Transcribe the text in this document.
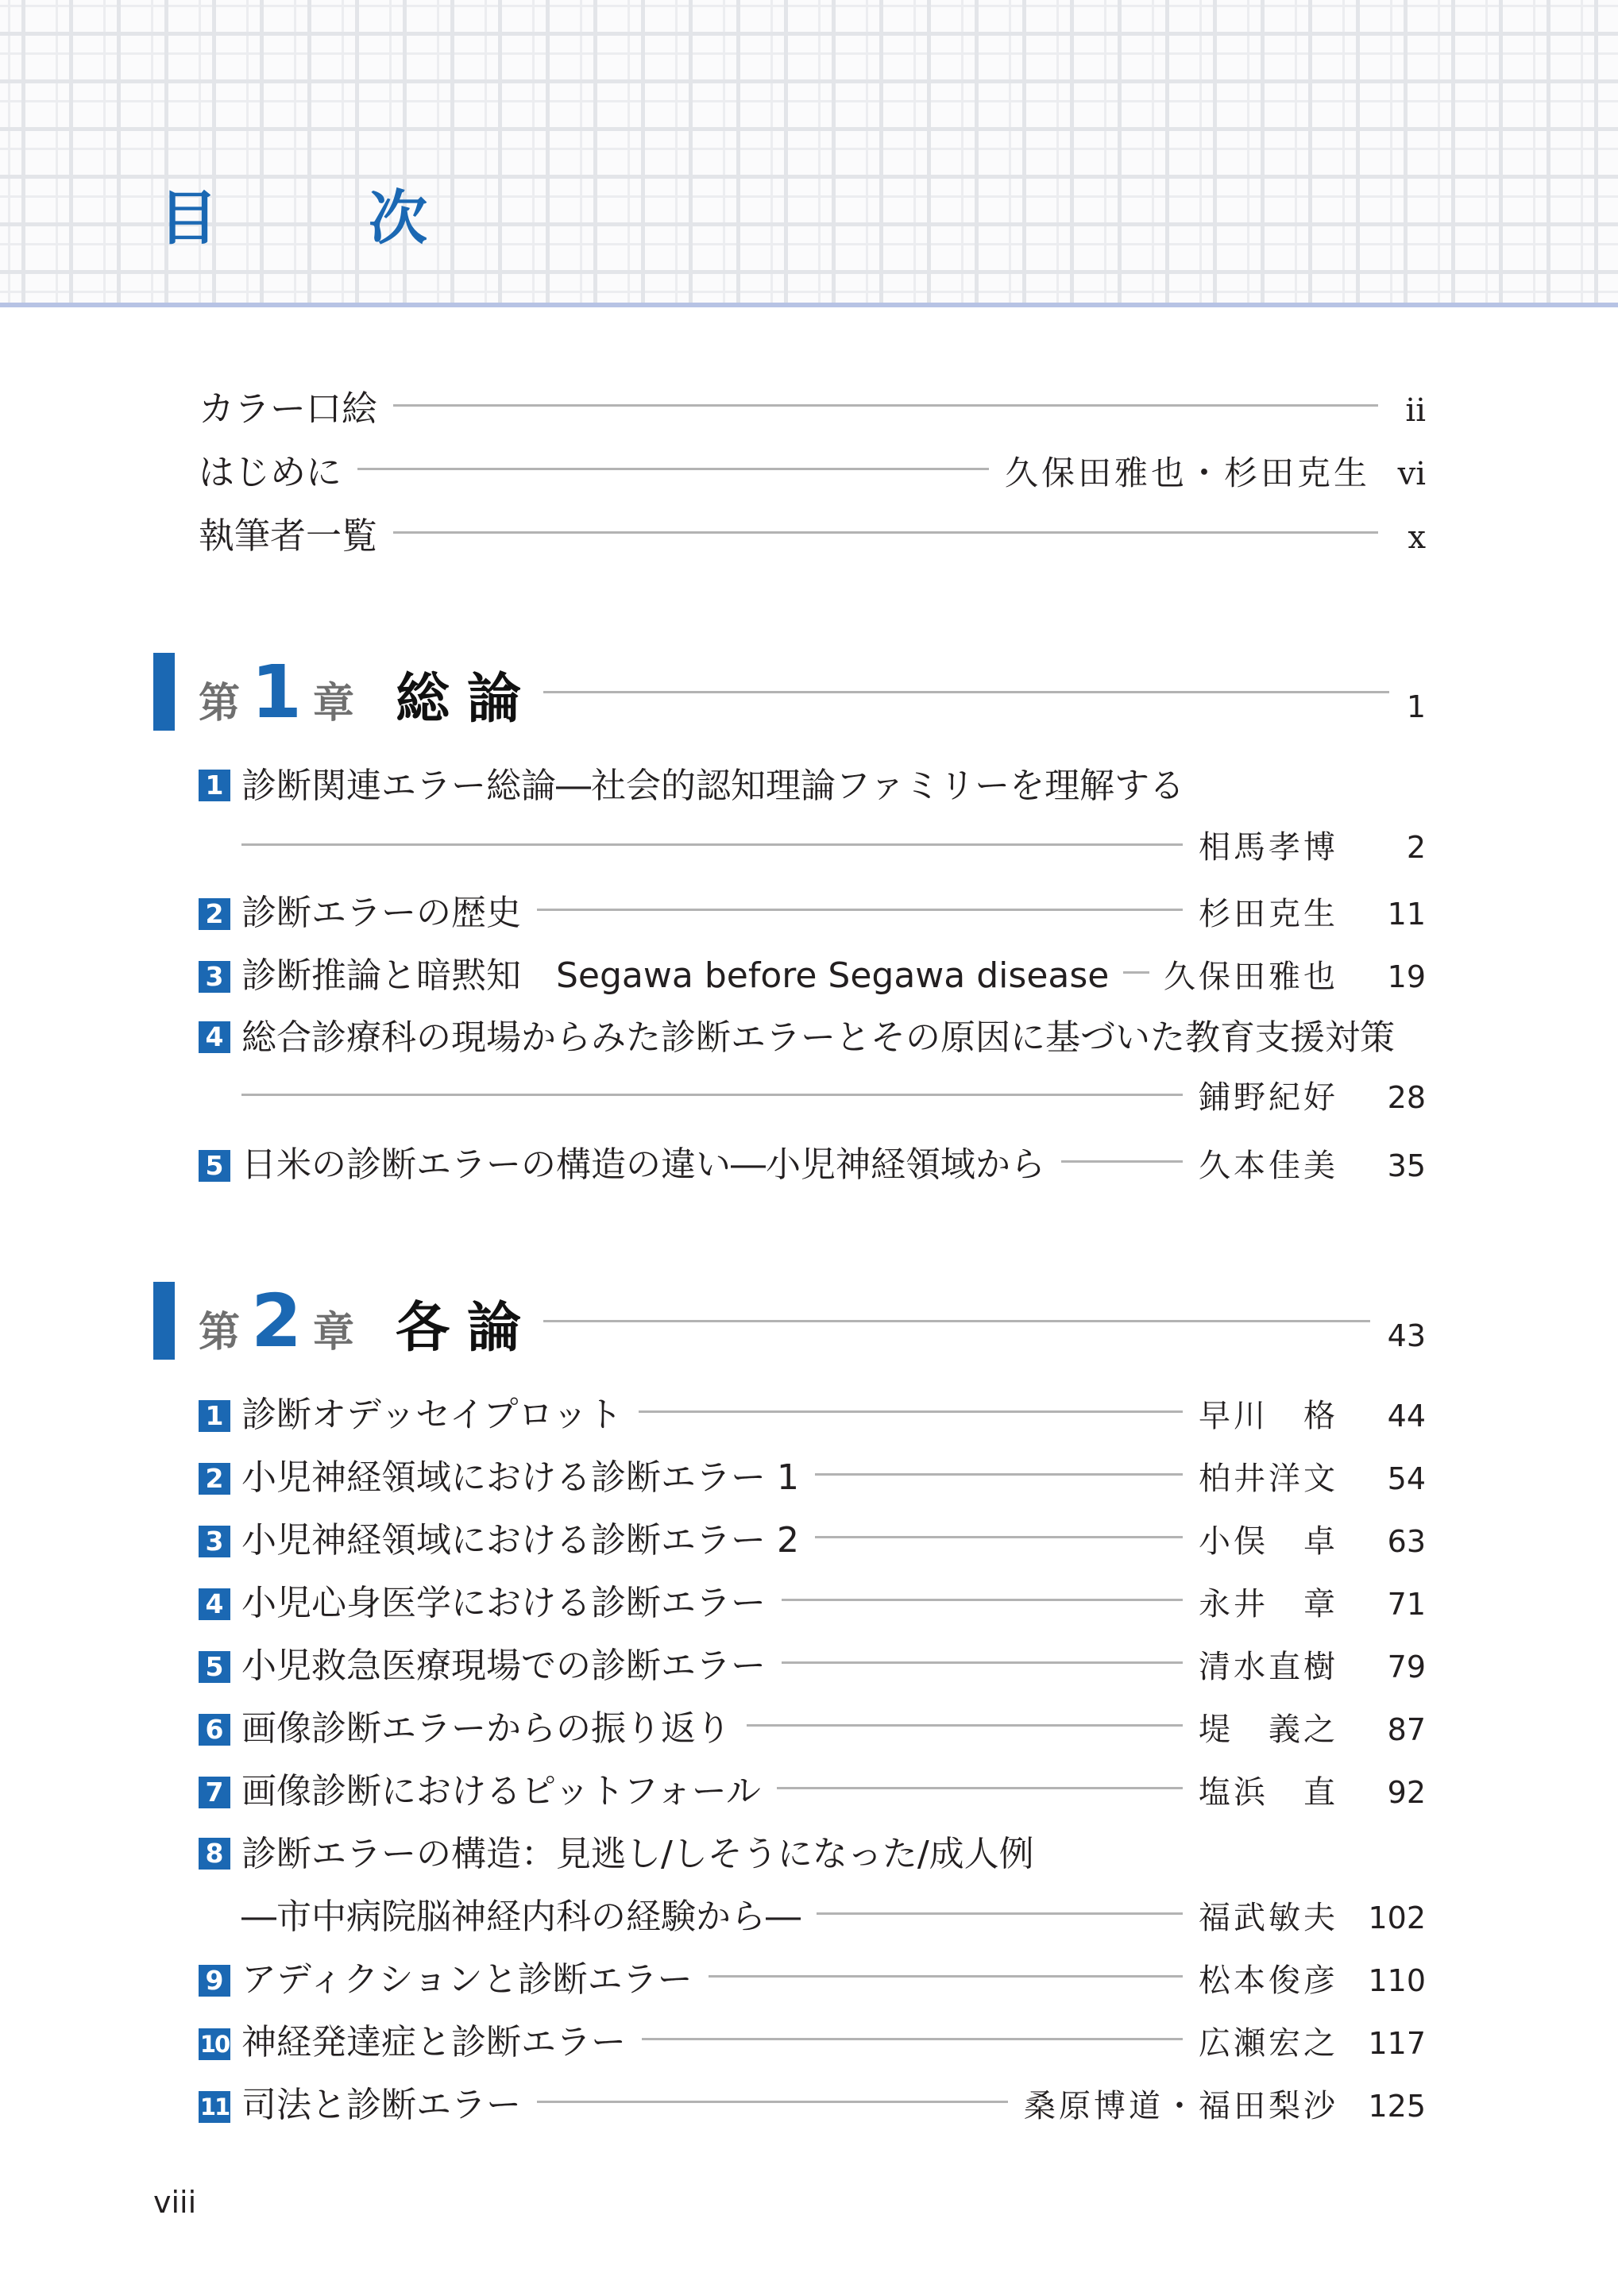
目　次
カラー口絵	ii
はじめに	久保田雅也・杉田克生 vi
執筆者一覧	x
第 1 章 総論	1
1 診断関連エラー総論―社会的認知理論ファミリーを理解する
相馬孝博	2
2 診断エラーの歴史	杉田克生	11
3 診断推論と暗黙知　Segawa before Segawa disease 久保田雅也	19
4 総合診療科の現場からみた診断エラーとその原因に基づいた教育支援対策
鋪野紀好	28
5 日米の診断エラーの構造の違い―小児神経領域から	久本佳美	35
第 2 章 各論	43
1 診断オデッセイプロット	早川　格	44
2 小児神経領域における診断エラー 1	柏井洋文	54
3 小児神経領域における診断エラー 2	小俣　卓	63
4 小児心身医学における診断エラー	永井　章	71
5 小児救急医療現場での診断エラー	清水直樹	79
6 画像診断エラーからの振り返り	堤　義之	87
7 画像診断におけるピットフォール	塩浜　直	92
8 診断エラーの構造：見逃し/しそうになった/成人例
―市中病院脳神経内科の経験から―	福武敏夫 102
9 アディクションと診断エラー	松本俊彦 110
10 神経発達症と診断エラー	広瀬宏之 117
11 司法と診断エラー	桑原博道・福田梨沙 125
viii
